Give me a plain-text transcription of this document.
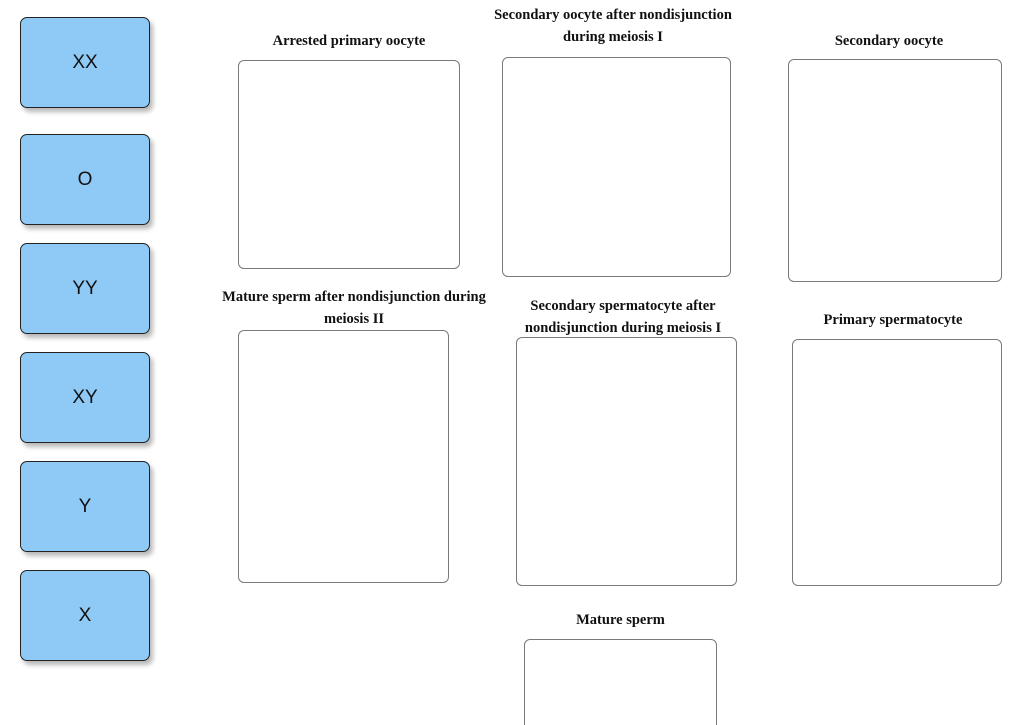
XX
O
YY
XY
Y
X
Arrested primary oocyte
Secondary oocyte after nondisjunction during meiosis I	Secondary oocyte
Mature sperm after nondisjunction during meiosis II
Secondary spermatocyte after nondisjunction during meiosis I	Primary spermatocyte
Mature sperm
